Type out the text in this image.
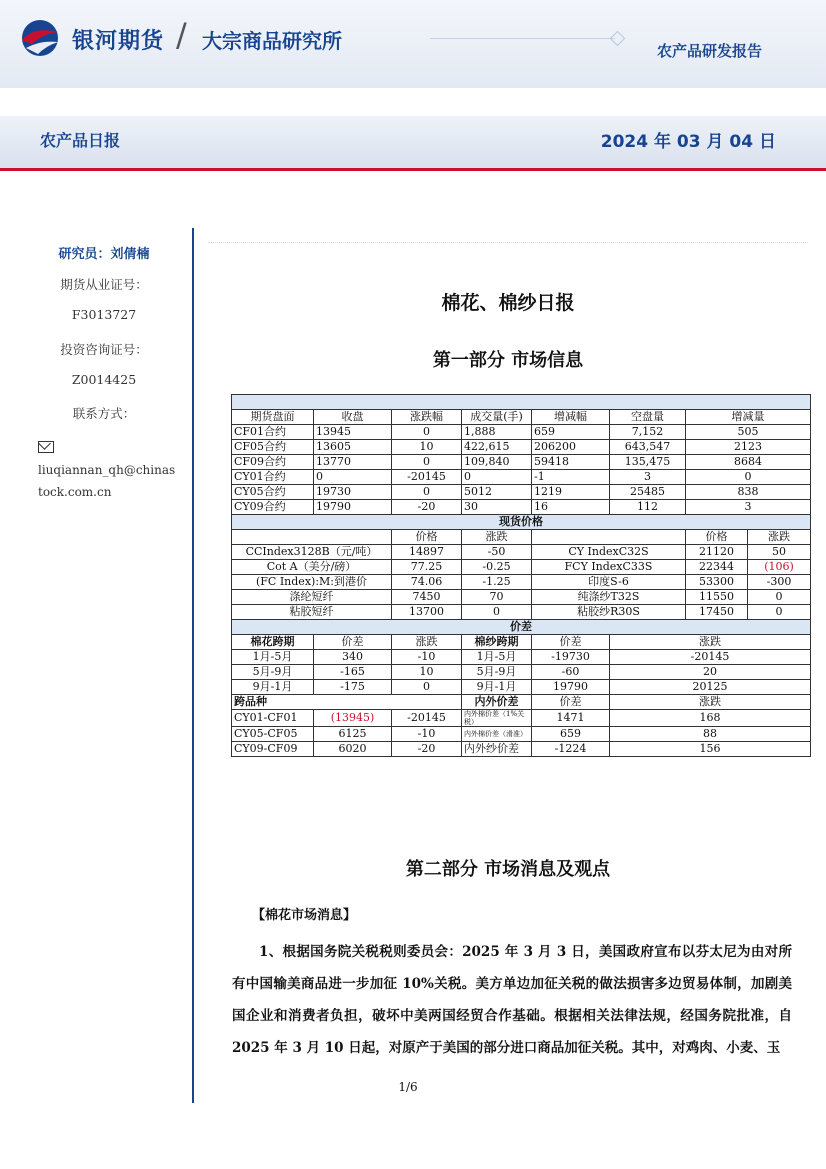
银河期货 / 大宗商品研究所	农产品研发报告
农产品日报	2024 年 03 月 04 日
研究员：刘倩楠
期货从业证号：
F3013727
投资咨询证号：
Z0014425
联系方式：
liuqiannan_qh@chinas
tock.com.cn
棉花、棉纱日报
第一部分 市场信息

期货盘面	收盘	涨跌幅	成交量(手)	增减幅	空盘量	增减量	
CF01合约	13945	0	1,888	659	7,152	505	
CF05合约	13605	10	422,615	206200	643,547	2123	
CF09合约	13770	0	109,840	59418	135,475	8684	
CY01合约	0	-20145	0	-1	3	0	
CY05合约	19730	0	5012	1219	25485	838	
CY09合约	19790	-20	30	16	112	3	
现货价格							
		价格	涨跌			价格	涨跌
CCIndex3128B（元/吨）		14897	-50	CY IndexC32S		21120	50
Cot A（美分/磅）		77.25	-0.25	FCY IndexC33S		22344	(106)
(FC Index):M:到港价		74.06	-1.25	印度S-6		53300	-300
涤纶短纤		7450	70	纯涤纱T32S		11550	0
粘胶短纤		13700	0	粘胶纱R30S		17450	0
价差							
棉花跨期	价差	涨跌	棉纱跨期	价差	涨跌		
1月-5月	340	-10	1月-5月	-19730	-20145		
5月-9月	-165	10	5月-9月	-60	20		
9月-1月	-175	0	9月-1月	19790	20125		
跨品种			内外价差	价差	涨跌		
CY01-CF01	(13945)	-20145	内外棉价差（1%关税）	1471	168		
CY05-CF05	6125	-10	内外棉价差（滑准）	659	88		
CY09-CF09	6020	-20	内外纱价差	-1224	156		
第二部分 市场消息及观点
【棉花市场消息】
1、根据国务院关税税则委员会：2025 年 3 月 3 日，美国政府宣布以芬太尼为由对所有中国输美商品进一步加征 10%关税。美方单边加征关税的做法损害多边贸易体制，加剧美国企业和消费者负担，破坏中美两国经贸合作基础。根据相关法律法规，经国务院批准，自 2025 年 3 月 10 日起，对原产于美国的部分进口商品加征关税。其中，对鸡肉、小麦、玉
1/6
